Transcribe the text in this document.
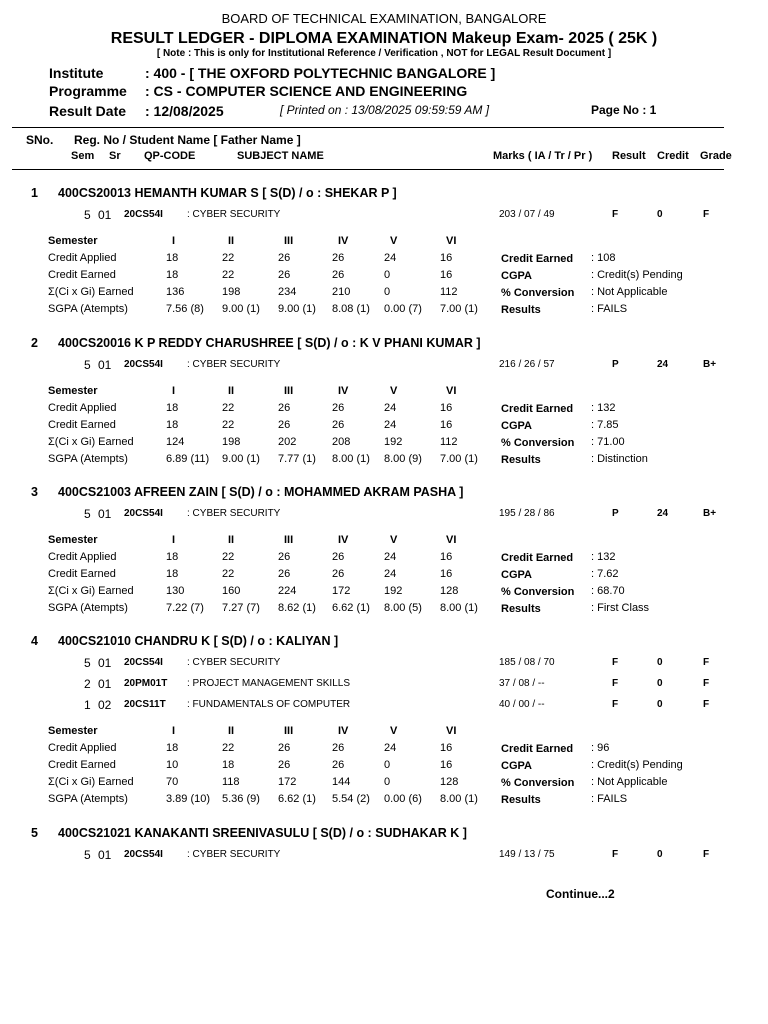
BOARD OF TECHNICAL EXAMINATION, BANGALORE
RESULT LEDGER - DIPLOMA EXAMINATION Makeup Exam- 2025 ( 25K )
[ Note : This is only for Institutional Reference / Verification , NOT for LEGAL Result Document ]
Institute	: 400 - [ THE OXFORD POLYTECHNIC BANGALORE ]
Programme : CS - COMPUTER SCIENCE AND ENGINEERING
Result Date : 12/08/2025	[ Printed on : 13/08/2025 09:59:59 AM ]	Page No : 1
SNo. Reg. No / Student Name [ Father Name ]
Sem Sr QP-CODE	SUBJECT NAME	Marks ( IA / Tr / Pr ) Result Credit Grade
1 400CS20013 HEMANTH KUMAR S [ S(D) / o : SHEKAR P ]
5 01 20CS54I : CYBER SECURITY	203 / 07 / 49	F	0	F
Semester	I	II	III	IV	V	VI
Credit Applied	18	22	26	26	24	16
Credit Earned	18	22	26	26	0	16
Σ(Ci x Gi) Earned	136	198	234	210	0	112
SGPA (Atempts)	7.56 (8) 9.00 (1) 9.00 (1) 8.08 (1) 0.00 (7) 7.00 (1)
Credit Earned : 108
CGPA	: Credit(s) Pending
% Conversion : Not Applicable
Results	: FAILS
2 400CS20016 K P REDDY CHARUSHREE [ S(D) / o : K V PHANI KUMAR ]
5 01 20CS54I : CYBER SECURITY	216 / 26 / 57	P	24	B+
Semester	I	II	III	IV	V	VI
Credit Applied	18	22	26	26	24	16
Credit Earned	18	22	26	26	24	16
Σ(Ci x Gi) Earned	124	198	202	208	192	112
SGPA (Atempts)	6.89 (11) 9.00 (1) 7.77 (1) 8.00 (1) 8.00 (9) 7.00 (1)
Credit Earned : 132
CGPA	: 7.85
% Conversion : 71.00
Results	: Distinction
3 400CS21003 AFREEN ZAIN [ S(D) / o : MOHAMMED AKRAM PASHA ]
5 01 20CS54I : CYBER SECURITY	195 / 28 / 86	P	24	B+
Semester	I	II	III	IV	V	VI
Credit Applied	18	22	26	26	24	16
Credit Earned	18	22	26	26	24	16
Σ(Ci x Gi) Earned	130	160	224	172	192	128
SGPA (Atempts)	7.22 (7) 7.27 (7) 8.62 (1) 6.62 (1) 8.00 (5) 8.00 (1)
Credit Earned : 132
CGPA	: 7.62
% Conversion : 68.70
Results	: First Class
4 400CS21010 CHANDRU K [ S(D) / o : KALIYAN ]
5 01 20CS54I : CYBER SECURITY	185 / 08 / 70	F	0	F
2 01 20PM01T : PROJECT MANAGEMENT SKILLS	37 / 08 / --	F	0	F
1 02 20CS11T : FUNDAMENTALS OF COMPUTER	40 / 00 / --	F	0	F
Semester	I	II	III	IV	V	VI
Credit Applied	18	22	26	26	24	16
Credit Earned	10	18	26	26	0	16
Σ(Ci x Gi) Earned	70	118	172	144	0	128
SGPA (Atempts)	3.89 (10) 5.36 (9) 6.62 (1) 5.54 (2) 0.00 (6) 8.00 (1)
Credit Earned : 96
CGPA	: Credit(s) Pending
% Conversion : Not Applicable
Results	: FAILS
5 400CS21021 KANAKANTI SREENIVASULU [ S(D) / o : SUDHAKAR K ]
5 01 20CS54I : CYBER SECURITY	149 / 13 / 75	F	0	F
Continue...2
